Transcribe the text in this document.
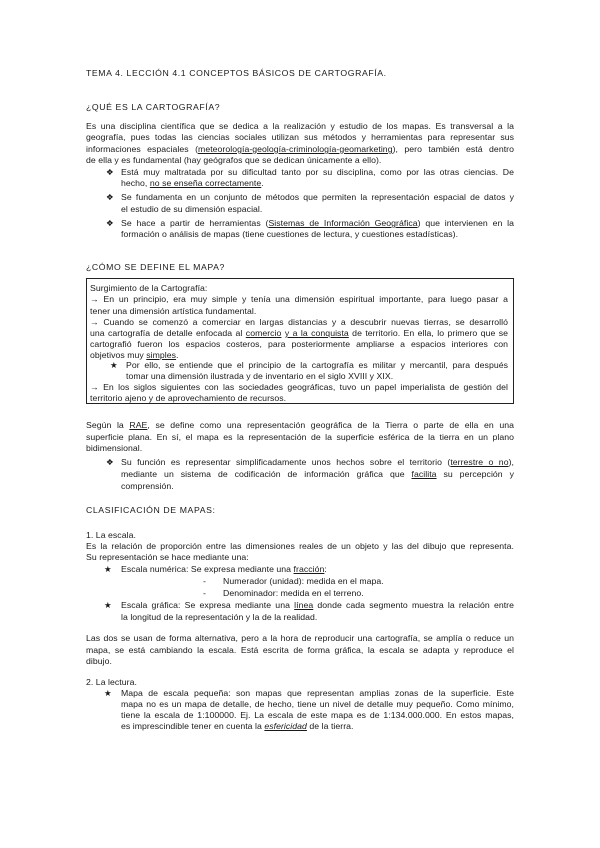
TEMA 4. LECCIÓN 4.1 CONCEPTOS BÁSICOS DE CARTOGRAFÍA.
¿QUÉ ES LA CARTOGRAFÍA?
Es una disciplina científica que se dedica a la realización y estudio de los mapas. Es transversal a la
geografía, pues todas las ciencias sociales utilizan sus métodos y herramientas para representar sus
informaciones espaciales (meteorología-geología-criminología-geomarketing), pero también está dentro
de ella y es fundamental (hay geógrafos que se dedican únicamente a ello).
❖ Está muy maltratada por su dificultad tanto por su disciplina, como por las otras ciencias. De
hecho, no se enseña correctamente.
❖ Se fundamenta en un conjunto de métodos que permiten la representación espacial de datos y
el estudio de su dimensión espacial.
❖ Se hace a partir de herramientas (Sistemas de Información Geográfica) que intervienen en la
formación o análisis de mapas (tiene cuestiones de lectura, y cuestiones estadísticas).
¿CÓMO SE DEFINE EL MAPA?
Surgimiento de la Cartografía:
→ En un principio, era muy simple y tenía una dimensión espiritual importante, para luego pasar a
tener una dimensión artística fundamental.
→ Cuando se comenzó a comerciar en largas distancias y a descubrir nuevas tierras, se desarrolló
una cartografía de detalle enfocada al comercio y a la conquista de territorio. En ella, lo primero que se
cartografió fueron los espacios costeros, para posteriormente ampliarse a espacios interiores con
objetivos muy simples.
★ Por ello, se entiende que el principio de la cartografía es militar y mercantil, para después
tomar una dimensión ilustrada y de inventario en el siglo XVIII y XIX.
→ En los siglos siguientes con las sociedades geográficas, tuvo un papel imperialista de gestión del
territorio ajeno y de aprovechamiento de recursos.
Según la RAE, se define como una representación geográfica de la Tierra o parte de ella en una
superficie plana. En sí, el mapa es la representación de la superficie esférica de la tierra en un plano
bidimensional.
❖ Su función es representar simplificadamente unos hechos sobre el territorio (terrestre o no),
mediante un sistema de codificación de información gráfica que facilita su percepción y
comprensión.
CLASIFICACIÓN DE MAPAS:
1. La escala.
Es la relación de proporción entre las dimensiones reales de un objeto y las del dibujo que representa.
Su representación se hace mediante una:
★ Escala numérica: Se expresa mediante una fracción:
- Numerador (unidad): medida en el mapa.
- Denominador: medida en el terreno.
★ Escala gráfica: Se expresa mediante una línea donde cada segmento muestra la relación entre
la longitud de la representación y la de la realidad.
Las dos se usan de forma alternativa, pero a la hora de reproducir una cartografía, se amplía o reduce un
mapa, se está cambiando la escala. Está escrita de forma gráfica, la escala se adapta y reproduce el
dibujo.
2. La lectura.
★ Mapa de escala pequeña: son mapas que representan amplias zonas de la superficie. Este
mapa no es un mapa de detalle, de hecho, tiene un nivel de detalle muy pequeño. Como mínimo,
tiene la escala de 1:100000. Ej. La escala de este mapa es de 1:134.000.000. En estos mapas,
es imprescindible tener en cuenta la esfericidad de la tierra.
